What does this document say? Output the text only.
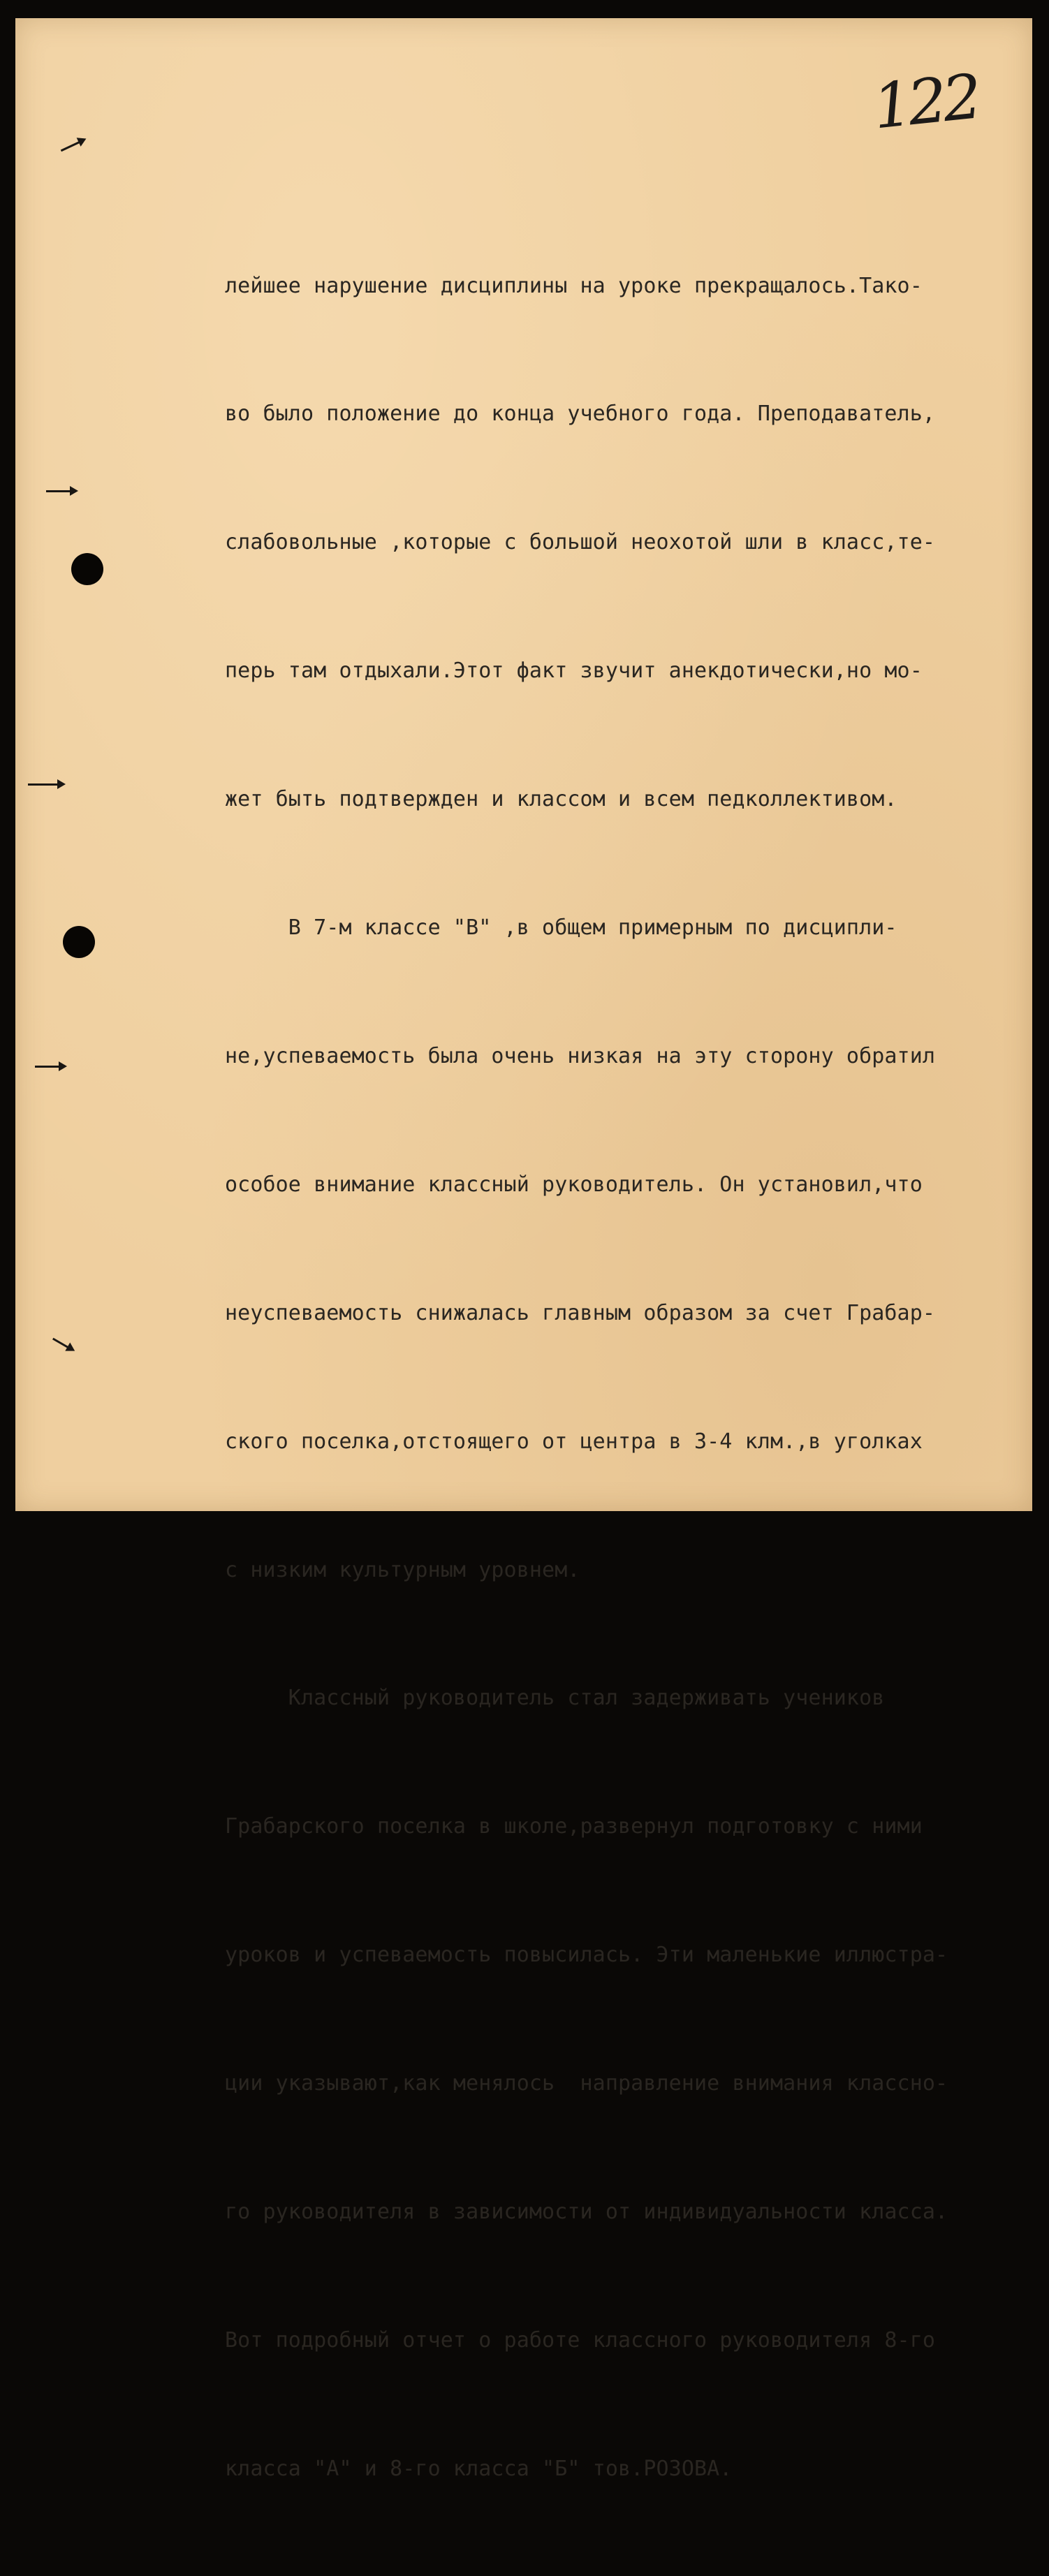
122

лейшее нарушение дисциплины на уроке прекращалось.Тако-

во было положение до конца учебного года. Преподаватель,

слабовольные ,которые с большой неохотой шли в класс,те-

перь там отдыхали.Этот факт звучит анекдотически,но мо-

жет быть подтвержден и классом и всем педколлективом.

В 7-м классе "В" ,в общем примерным по дисципли-

не,успеваемость была очень низкая на эту сторону обратил

особое внимание классный руководитель. Он установил,что

неуспеваемость снижалась главным образом за счет Грабар-

ского поселка,отстоящего от центра в 3-4 клм.,в уголках

с низким культурным уровнем.

Классный руководитель стал задерживать учеников

Грабарского поселка в школе,развернул подготовку с ними

уроков и успеваемость повысилась. Эти маленькие иллюстра-

ции указывают,как менялось  направление внимания классно-

го руководителя в зависимости от индивидуальности класса.

Вот подробный отчет о работе классного руководителя 8-го

класса "А" и 8-го класса "Б" тов.РОЗОВА.
